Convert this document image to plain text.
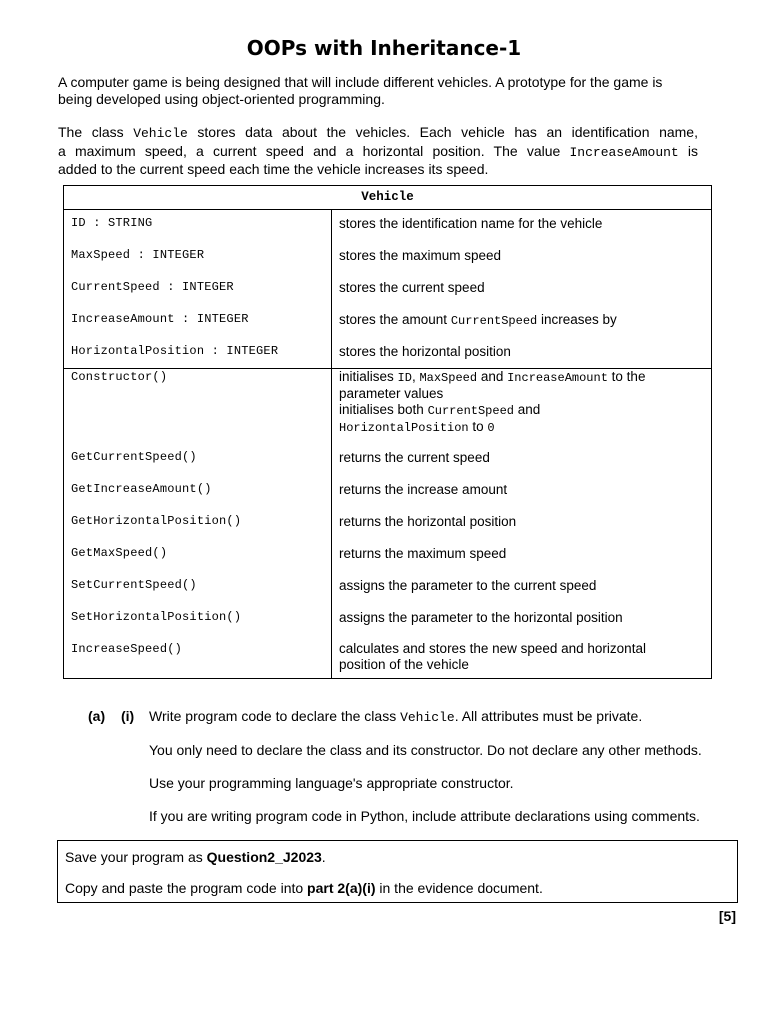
OOPs with Inheritance-1
A computer game is being designed that will include different vehicles. A prototype for the game is being developed using object-oriented programming.
The class Vehicle stores data about the vehicles. Each vehicle has an identification name,
a maximum speed, a current speed and a horizontal position. The value IncreaseAmount is
added to the current speed each time the vehicle increases its speed.
Vehicle
ID : STRING	stores the identification name for the vehicle
MaxSpeed : INTEGER	stores the maximum speed
CurrentSpeed : INTEGER	stores the current speed
IncreaseAmount : INTEGER	stores the amount CurrentSpeed increases by
HorizontalPosition : INTEGER	stores the horizontal position
Constructor()	initialises ID, MaxSpeed and IncreaseAmount to the
parameter values
initialises both CurrentSpeed and
HorizontalPosition to 0
GetCurrentSpeed()	returns the current speed
GetIncreaseAmount()	returns the increase amount
GetHorizontalPosition()	returns the horizontal position
GetMaxSpeed()	returns the maximum speed
SetCurrentSpeed()	assigns the parameter to the current speed
SetHorizontalPosition()	assigns the parameter to the horizontal position
IncreaseSpeed()	calculates and stores the new speed and horizontal position of the vehicle
(a) (i) Write program code to declare the class Vehicle. All attributes must be private.
You only need to declare the class and its constructor. Do not declare any other methods.
Use your programming language's appropriate constructor.
If you are writing program code in Python, include attribute declarations using comments.
Save your program as Question2_J2023.
Copy and paste the program code into part 2(a)(i) in the evidence document.
[5]
